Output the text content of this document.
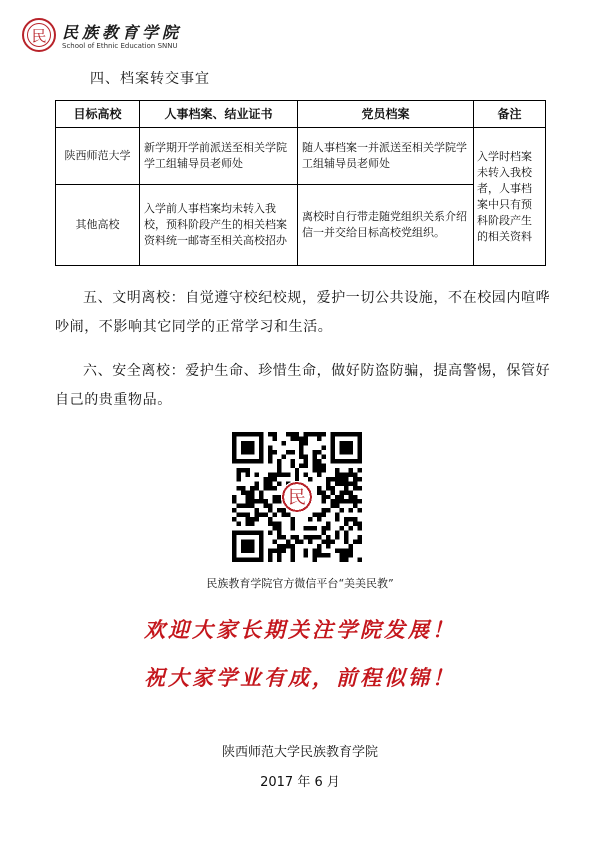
民 民族教育学院
School of Ethnic Education SNNU
四、档案转交事宜
目标高校	人事档案、结业证书	党员档案	备注
陕西师范大学	新学期开学前派送至相关学院学工组辅导员老师处	随人事档案一并派送至相关学院学工组辅导员老师处	入学时档案未转入我校者，人事档案中只有预科阶段产生的相关资料
其他高校	入学前人事档案均未转入我校，预科阶段产生的相关档案资料统一邮寄至相关高校招办	离校时自行带走随党组织关系介绍信一并交给目标高校党组织。	
五、文明离校：自觉遵守校纪校规，爱护一切公共设施，不在校园内喧哗吵闹，不影响其它同学的正常学习和生活。
六、安全离校：爱护生命、珍惜生命，做好防盗防骗，提高警惕，保管好自己的贵重物品。
民
民族教育学院官方微信平台“美美民教”
欢迎大家长期关注学院发展！
祝大家学业有成，前程似锦！
陕西师范大学民族教育学院
2017 年 6 月
